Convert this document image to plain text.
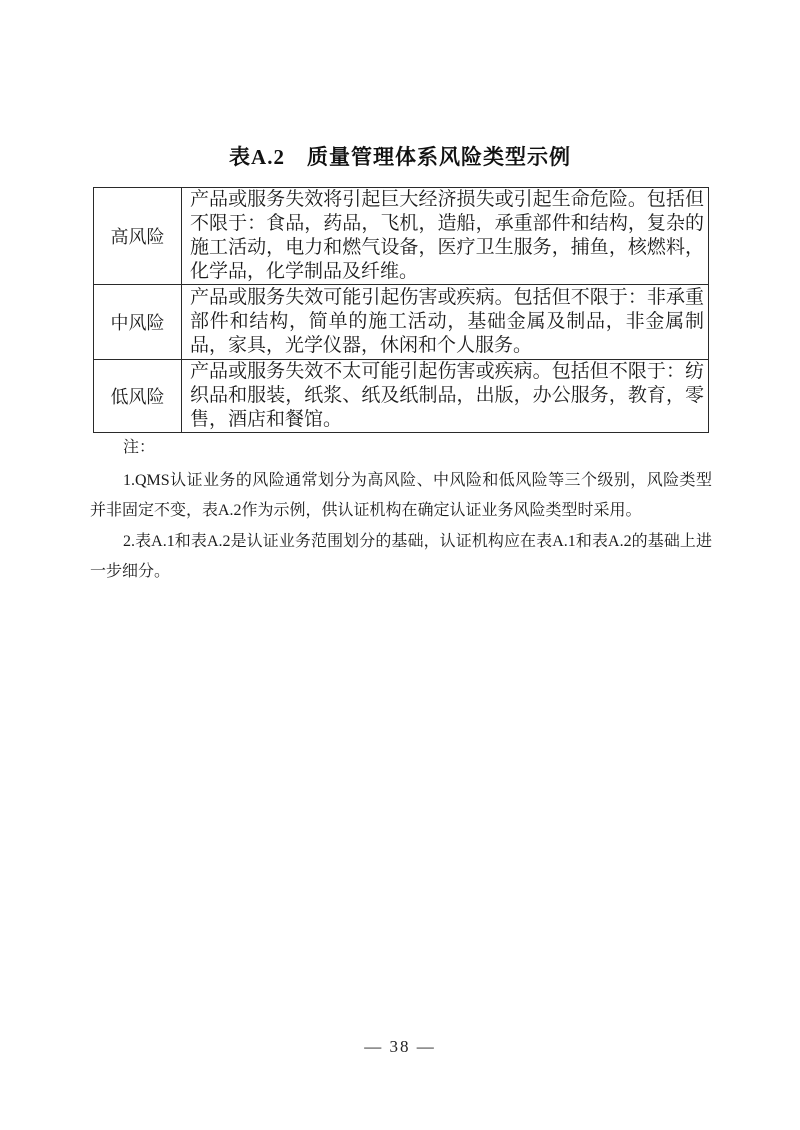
表A.2　质量管理体系风险类型示例
高风险	产品或服务失效将引起巨大经济损失或引起生命危险。包括但不限于：食品，药品，飞机，造船，承重部件和结构，复杂的施工活动，电力和燃气设备，医疗卫生服务，捕鱼，核燃料，化学品，化学制品及纤维。
中风险	产品或服务失效可能引起伤害或疾病。包括但不限于：非承重部件和结构，简单的施工活动，基础金属及制品，非金属制品，家具，光学仪器，休闲和个人服务。
低风险	产品或服务失效不太可能引起伤害或疾病。包括但不限于：纺织品和服装，纸浆、纸及纸制品，出版，办公服务，教育，零售，酒店和餐馆。
注：

1.QMS认证业务的风险通常划分为高风险、中风险和低风险等三个级别，风险类型并非固定不变，表A.2作为示例，供认证机构在确定认证业务风险类型时采用。

2.表A.1和表A.2是认证业务范围划分的基础，认证机构应在表A.1和表A.2的基础上进一步细分。

— 38 —
